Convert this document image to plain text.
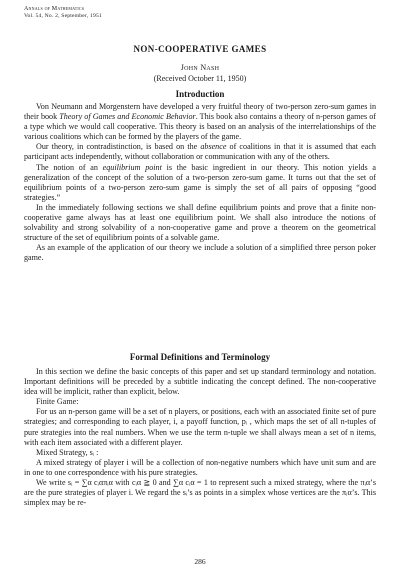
Annals of Mathematics
Vol. 54, No. 2, September, 1951
NON-COOPERATIVE GAMES
John Nash
(Received October 11, 1950)
Introduction

Von Neumann and Morgenstern have developed a very fruitful theory of two-person zero-sum games in their book Theory of Games and Economic Behavior. This book also contains a theory of n-person games of a type which we would call cooperative. This theory is based on an analysis of the interrelationships of the various coalitions which can be formed by the players of the game.

Our theory, in contradistinction, is based on the absence of coalitions in that it is assumed that each participant acts independently, without collaboration or communication with any of the others.

The notion of an equilibrium point is the basic ingredient in our theory. This notion yields a generalization of the concept of the solution of a two-person zero-sum game. It turns out that the set of equilibrium points of a two-person zero-sum game is simply the set of all pairs of opposing “good strategies.”

In the immediately following sections we shall define equilibrium points and prove that a finite non-cooperative game always has at least one equilibrium point. We shall also introduce the notions of solvability and strong solvability of a non-cooperative game and prove a theorem on the geometrical structure of the set of equilibrium points of a solvable game.

As an example of the application of our theory we include a solution of a simplified three person poker game.

Formal Definitions and Terminology

In this section we define the basic concepts of this paper and set up standard terminology and notation. Important definitions will be preceded by a subtitle indicating the concept defined. The non-cooperative idea will be implicit, rather than explicit, below.

Finite Game:

For us an n-person game will be a set of n players, or positions, each with an associated finite set of pure strategies; and corresponding to each player, i, a payoff function, pᵢ , which maps the set of all n-tuples of pure strategies into the real numbers. When we use the term n-tuple we shall always mean a set of n items, with each item associated with a different player.

Mixed Strategy, sᵢ :

A mixed strategy of player i will be a collection of non-negative numbers which have unit sum and are in one to one correspondence with his pure strategies.

We write sᵢ = ∑α cᵢαπᵢα with cᵢα ≧ 0 and ∑α cᵢα = 1 to represent such a mixed strategy, where the πᵢα’s are the pure strategies of player i. We regard the sᵢ’s as points in a simplex whose vertices are the πᵢα’s. This simplex may be re-

286
